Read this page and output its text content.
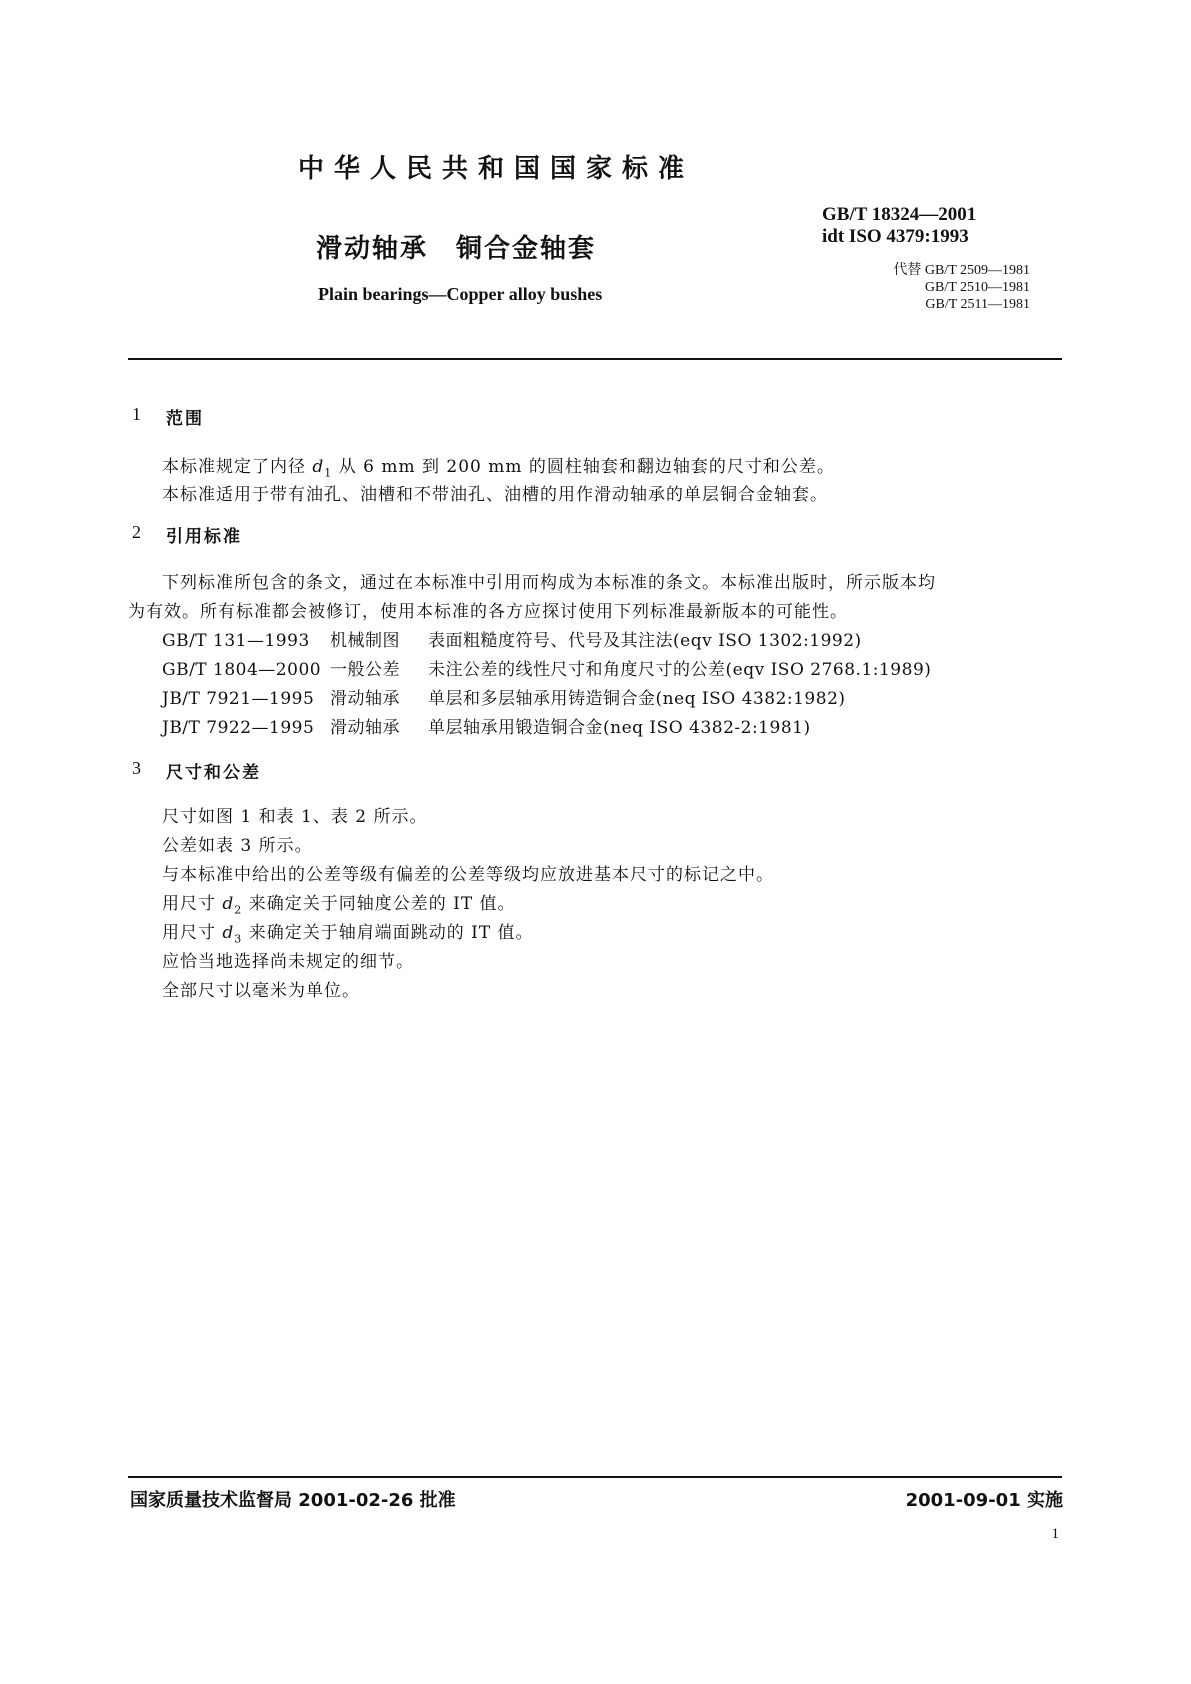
中华人民共和国国家标准
GB/T 18324—2001
idt ISO 4379:1993
滑动轴承　铜合金轴套
代替 GB/T 2509—1981
GB/T 2510—1981
GB/T 2511—1981
Plain bearings—Copper alloy bushes
1 范围
本标准规定了内径 $d_1$ 从 6 mm 到 200 mm 的圆柱轴套和翻边轴套的尺寸和公差。
本标准适用于带有油孔、油槽和不带油孔、油槽的用作滑动轴承的单层铜合金轴套。
2 引用标准
下列标准所包含的条文，通过在本标准中引用而构成为本标准的条文。本标准出版时，所示版本均
为有效。所有标准都会被修订，使用本标准的各方应探讨使用下列标准最新版本的可能性。
GB/T 131—1993 机械制图 表面粗糙度符号、代号及其注法(eqv ISO 1302:1992)
GB/T 1804—2000 一般公差 未注公差的线性尺寸和角度尺寸的公差(eqv ISO 2768.1:1989)
JB/T 7921—1995 滑动轴承 单层和多层轴承用铸造铜合金(neq ISO 4382:1982)
JB/T 7922—1995 滑动轴承 单层轴承用锻造铜合金(neq ISO 4382-2:1981)
3 尺寸和公差
尺寸如图 1 和表 1、表 2 所示。
公差如表 3 所示。
与本标准中给出的公差等级有偏差的公差等级均应放进基本尺寸的标记之中。
用尺寸 $d_2$ 来确定关于同轴度公差的 IT 值。
用尺寸 $d_3$ 来确定关于轴肩端面跳动的 IT 值。
应恰当地选择尚未规定的细节。
全部尺寸以毫米为单位。
国家质量技术监督局 2001-02-26 批准	2001-09-01 实施
1
